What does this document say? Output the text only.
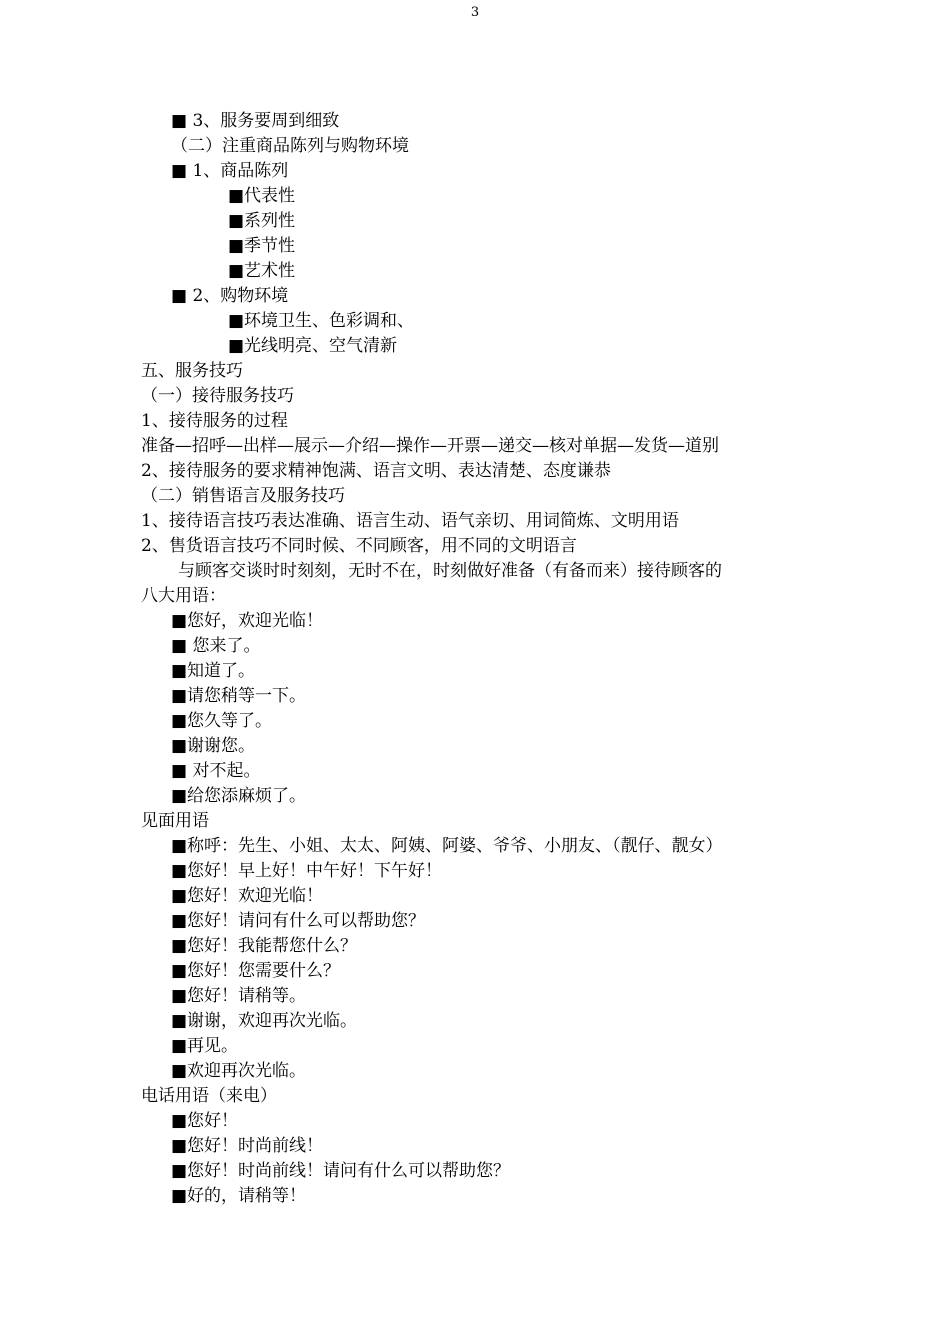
3

■ 3、服务要周到细致

（二）注重商品陈列与购物环境

■ 1、商品陈列

■代表性

■系列性

■季节性

■艺术性

■ 2、购物环境

■环境卫生、色彩调和、

■光线明亮、空气清新

五、服务技巧

（一）接待服务技巧

1、接待服务的过程

准备—招呼—出样—展示—介绍—操作—开票—递交—核对单据—发货—道别

2、接待服务的要求精神饱满、语言文明、表达清楚、态度谦恭

（二）销售语言及服务技巧

1、接待语言技巧表达准确、语言生动、语气亲切、用词简炼、文明用语

2、售货语言技巧不同时候、不同顾客，用不同的文明语言

与顾客交谈时时刻刻，无时不在，时刻做好准备（有备而来）接待顾客的

八大用语：

■您好，欢迎光临！

■ 您来了。

■知道了。

■请您稍等一下。

■您久等了。

■谢谢您。

■ 对不起。

■给您添麻烦了。

见面用语

■称呼：先生、小姐、太太、阿姨、阿婆、爷爷、小朋友、（靓仔、靓女）

■您好！早上好！中午好！下午好！

■您好！欢迎光临！

■您好！请问有什么可以帮助您？

■您好！我能帮您什么？

■您好！您需要什么？

■您好！请稍等。

■谢谢，欢迎再次光临。

■再见。

■欢迎再次光临。

电话用语（来电）

■您好！

■您好！时尚前线！

■您好！时尚前线！请问有什么可以帮助您？

■好的，请稍等！
